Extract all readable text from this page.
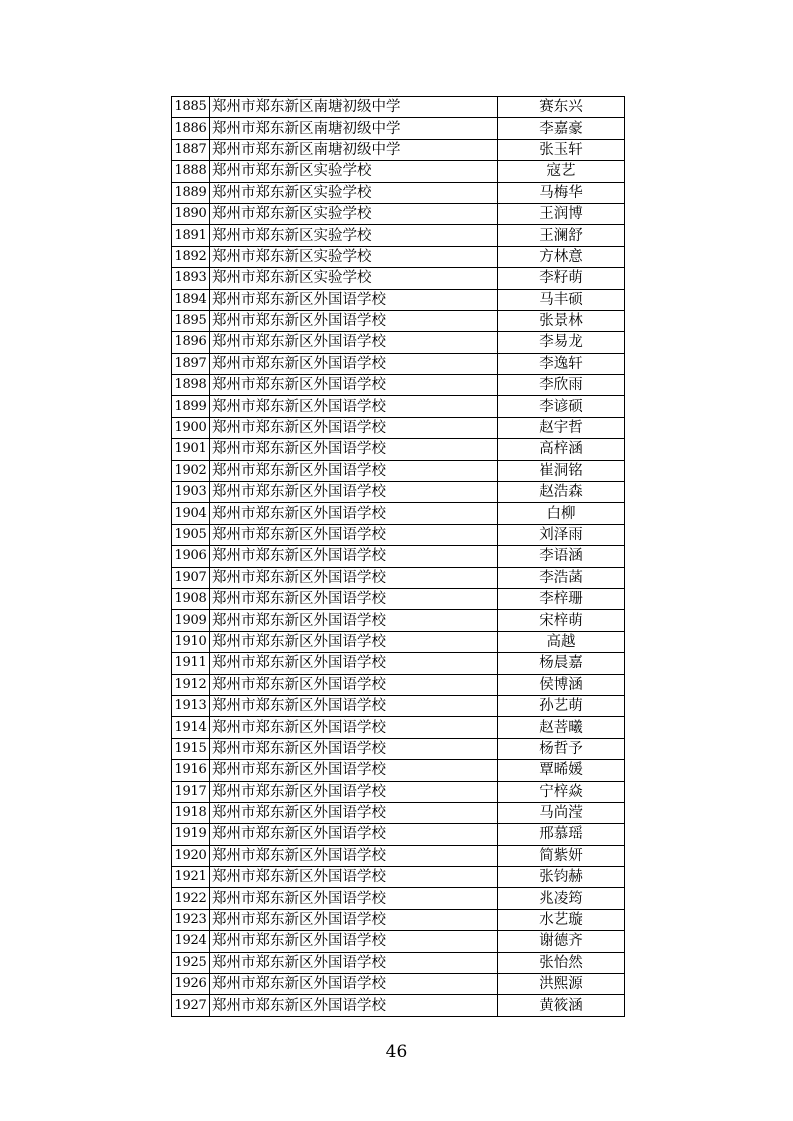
1885	郑州市郑东新区南塘初级中学	赛东兴
1886	郑州市郑东新区南塘初级中学	李嘉豪
1887	郑州市郑东新区南塘初级中学	张玉轩
1888	郑州市郑东新区实验学校	寇艺
1889	郑州市郑东新区实验学校	马梅华
1890	郑州市郑东新区实验学校	王润博
1891	郑州市郑东新区实验学校	王澜舒
1892	郑州市郑东新区实验学校	方林意
1893	郑州市郑东新区实验学校	李籽萌
1894	郑州市郑东新区外国语学校	马丰硕
1895	郑州市郑东新区外国语学校	张景林
1896	郑州市郑东新区外国语学校	李易龙
1897	郑州市郑东新区外国语学校	李逸轩
1898	郑州市郑东新区外国语学校	李欣雨
1899	郑州市郑东新区外国语学校	李谚硕
1900	郑州市郑东新区外国语学校	赵宇哲
1901	郑州市郑东新区外国语学校	高梓涵
1902	郑州市郑东新区外国语学校	崔洞铭
1903	郑州市郑东新区外国语学校	赵浩森
1904	郑州市郑东新区外国语学校	白柳
1905	郑州市郑东新区外国语学校	刘泽雨
1906	郑州市郑东新区外国语学校	李语涵
1907	郑州市郑东新区外国语学校	李浩菡
1908	郑州市郑东新区外国语学校	李梓珊
1909	郑州市郑东新区外国语学校	宋梓萌
1910	郑州市郑东新区外国语学校	高越
1911	郑州市郑东新区外国语学校	杨晨嘉
1912	郑州市郑东新区外国语学校	侯博涵
1913	郑州市郑东新区外国语学校	孙艺萌
1914	郑州市郑东新区外国语学校	赵菩曦
1915	郑州市郑东新区外国语学校	杨哲予
1916	郑州市郑东新区外国语学校	覃晞媛
1917	郑州市郑东新区外国语学校	宁梓焱
1918	郑州市郑东新区外国语学校	马尚滢
1919	郑州市郑东新区外国语学校	邢慕瑶
1920	郑州市郑东新区外国语学校	简紫妍
1921	郑州市郑东新区外国语学校	张钧赫
1922	郑州市郑东新区外国语学校	兆凌筠
1923	郑州市郑东新区外国语学校	水艺璇
1924	郑州市郑东新区外国语学校	谢德齐
1925	郑州市郑东新区外国语学校	张怡然
1926	郑州市郑东新区外国语学校	洪熙源
1927	郑州市郑东新区外国语学校	黄筱涵
46
